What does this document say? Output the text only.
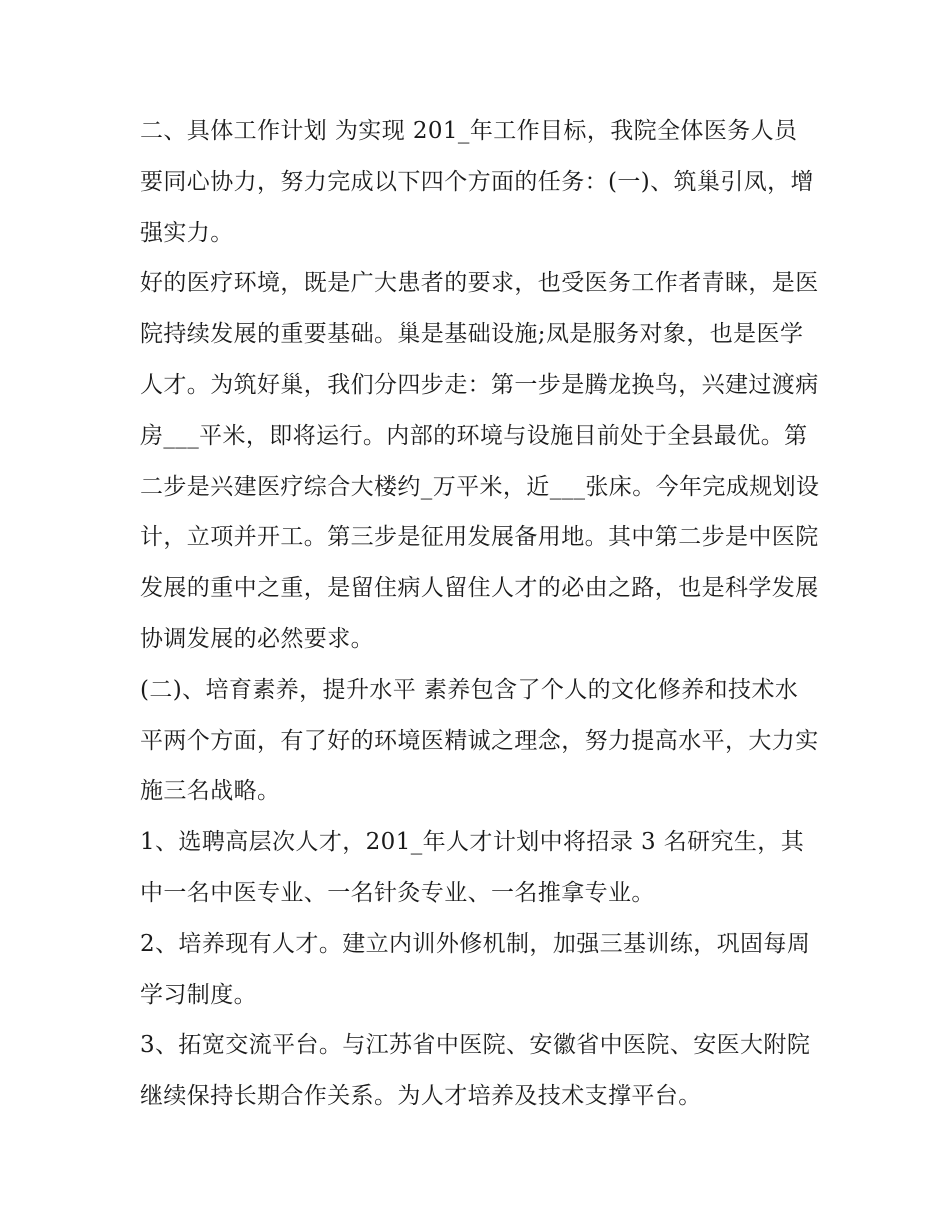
二、具体工作计划 为实现 201_年工作目标，我院全体医务人员要同心协力，努力完成以下四个方面的任务：(一)、筑巢引凤，增强实力。

好的医疗环境，既是广大患者的要求，也受医务工作者青睐，是医院持续发展的重要基础。巢是基础设施;凤是服务对象，也是医学人才。为筑好巢，我们分四步走：第一步是腾龙换鸟，兴建过渡病房___平米，即将运行。内部的环境与设施目前处于全县最优。第二步是兴建医疗综合大楼约_万平米，近___张床。今年完成规划设计，立项并开工。第三步是征用发展备用地。其中第二步是中医院发展的重中之重，是留住病人留住人才的必由之路，也是科学发展协调发展的必然要求。

(二)、培育素养，提升水平 素养包含了个人的文化修养和技术水平两个方面，有了好的环境医精诚之理念，努力提高水平，大力实施三名战略。

1、选聘高层次人才，201_年人才计划中将招录 3 名研究生，其中一名中医专业、一名针灸专业、一名推拿专业。

2、培养现有人才。建立内训外修机制，加强三基训练，巩固每周学习制度。

3、拓宽交流平台。与江苏省中医院、安徽省中医院、安医大附院继续保持长期合作关系。为人才培养及技术支撑平台。
